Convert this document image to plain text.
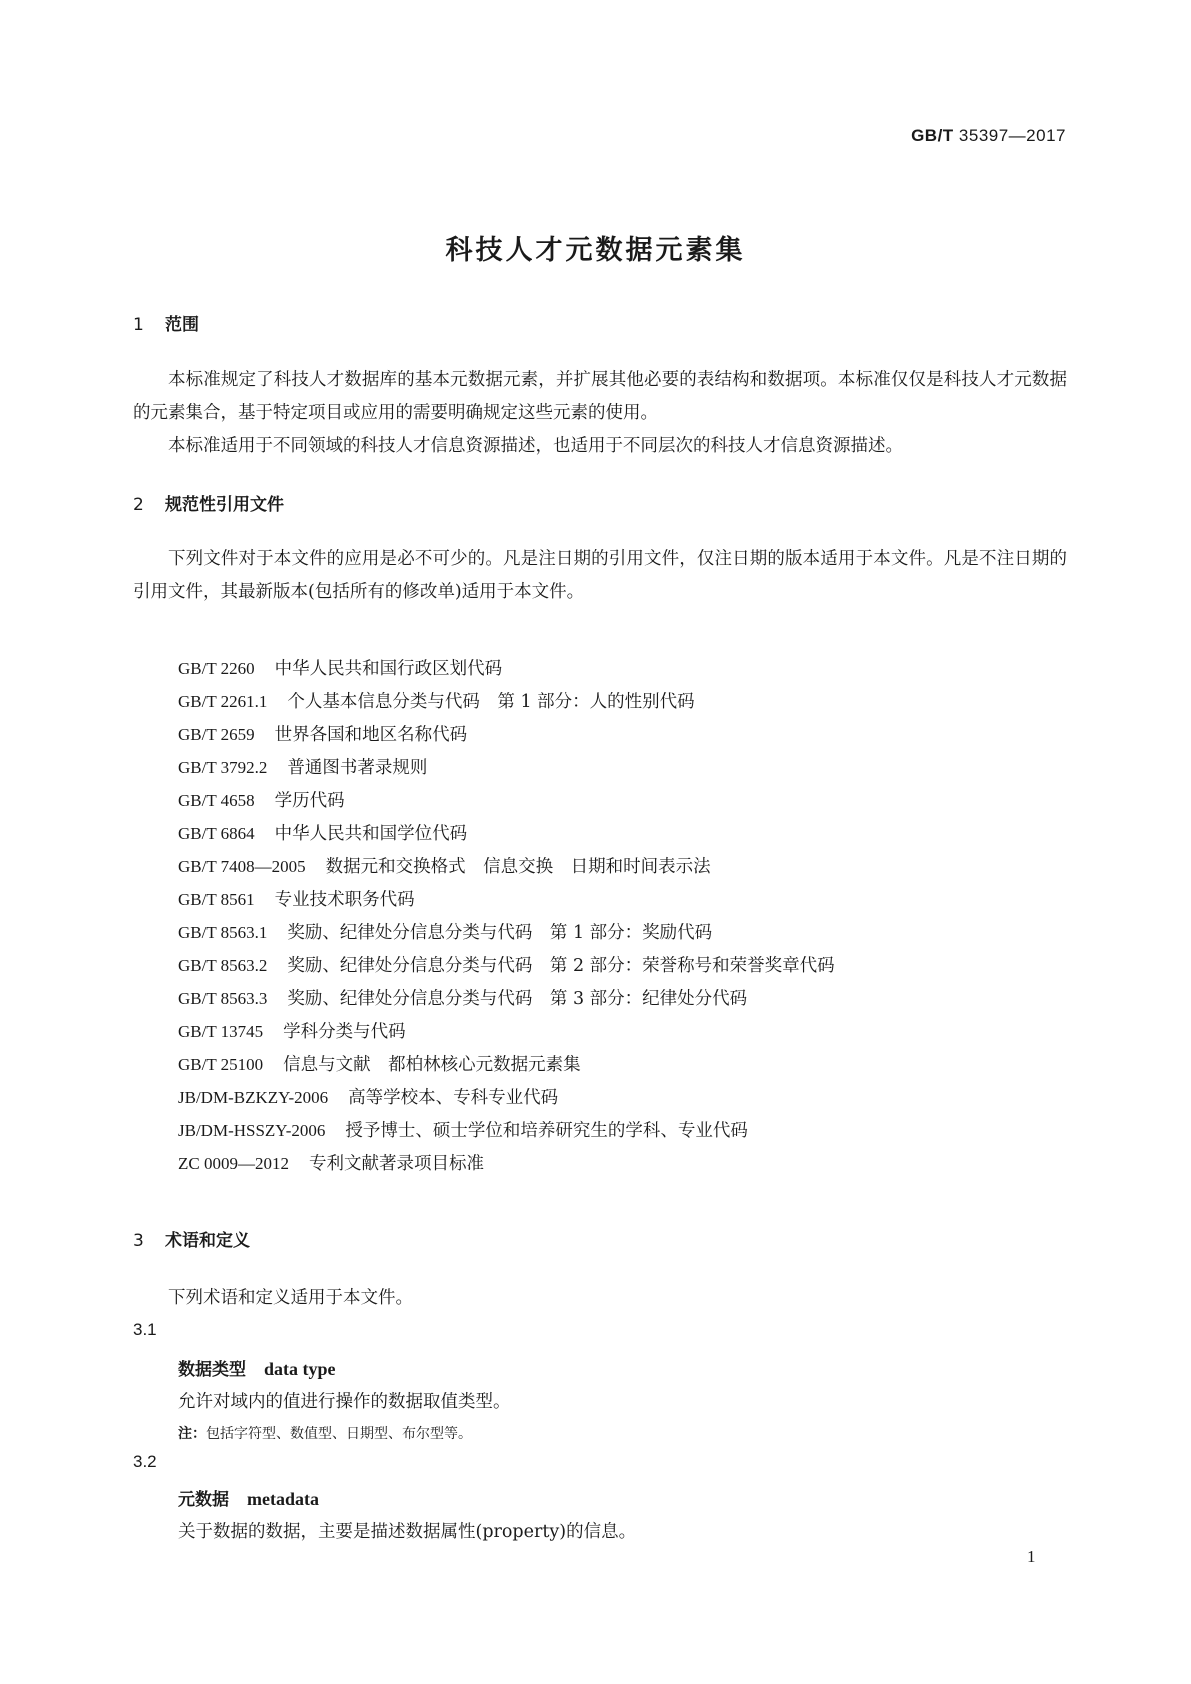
GB/T 35397—2017
科技人才元数据元素集
1 范围

本标准规定了科技人才数据库的基本元数据元素，并扩展其他必要的表结构和数据项。本标准仅仅是科技人才元数据的元素集合，基于特定项目或应用的需要明确规定这些元素的使用。

本标准适用于不同领域的科技人才信息资源描述，也适用于不同层次的科技人才信息资源描述。

2 规范性引用文件

下列文件对于本文件的应用是必不可少的。凡是注日期的引用文件，仅注日期的版本适用于本文件。凡是不注日期的引用文件，其最新版本(包括所有的修改单)适用于本文件。

GB/T 2260 中华人民共和国行政区划代码
GB/T 2261.1 个人基本信息分类与代码　第 1 部分：人的性别代码
GB/T 2659 世界各国和地区名称代码
GB/T 3792.2 普通图书著录规则
GB/T 4658 学历代码
GB/T 6864 中华人民共和国学位代码
GB/T 7408—2005 数据元和交换格式　信息交换　日期和时间表示法
GB/T 8561 专业技术职务代码
GB/T 8563.1 奖励、纪律处分信息分类与代码　第 1 部分：奖励代码
GB/T 8563.2 奖励、纪律处分信息分类与代码　第 2 部分：荣誉称号和荣誉奖章代码
GB/T 8563.3 奖励、纪律处分信息分类与代码　第 3 部分：纪律处分代码
GB/T 13745 学科分类与代码
GB/T 25100 信息与文献　都柏林核心元数据元素集
JB/DM-BZKZY-2006 高等学校本、专科专业代码
JB/DM-HSSZY-2006 授予博士、硕士学位和培养研究生的学科、专业代码
ZC 0009—2012 专利文献著录项目标准
3 术语和定义

下列术语和定义适用于本文件。

3.1
数据类型 data type
允许对域内的值进行操作的数据取值类型。
注：包括字符型、数值型、日期型、布尔型等。
3.2
元数据 metadata
关于数据的数据，主要是描述数据属性(property)的信息。
1
